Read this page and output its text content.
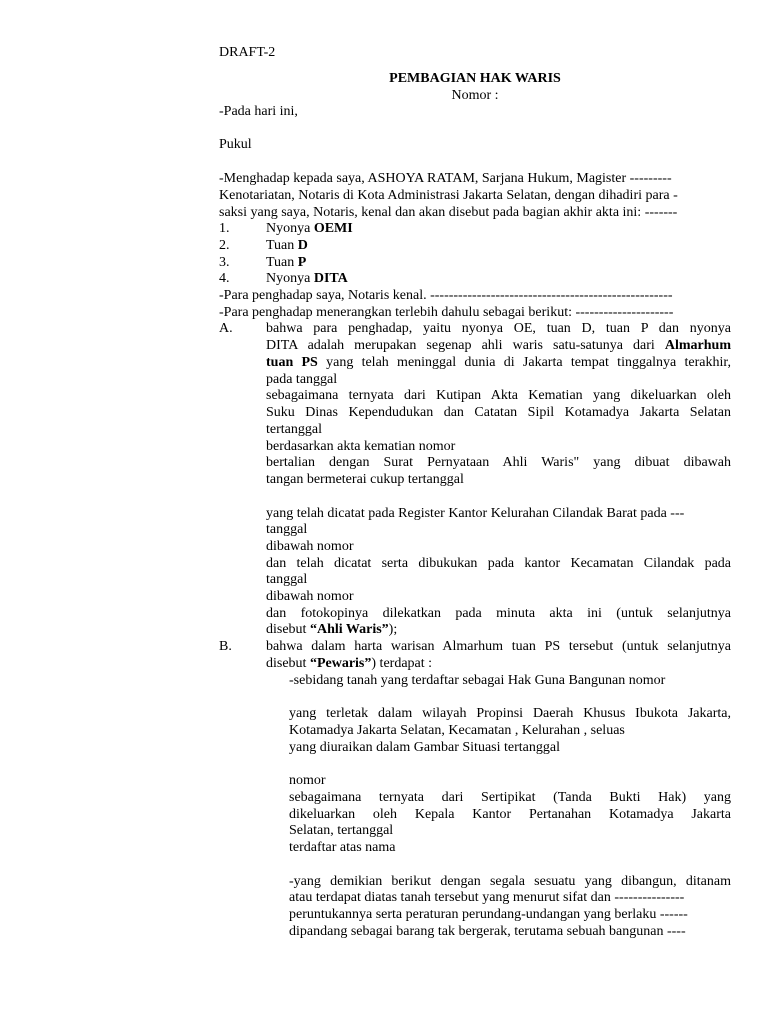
DRAFT-2
PEMBAGIAN HAK WARIS
Nomor :
-Pada hari ini,
Pukul
-Menghadap kepada saya, ASHOYA RATAM, Sarjana Hukum, Magister ---------
Kenotariatan, Notaris di Kota Administrasi Jakarta Selatan, dengan dihadiri para -
saksi yang saya, Notaris, kenal dan akan disebut pada bagian akhir akta ini: -------
1.	Nyonya OEMI
2.	Tuan D
3.	Tuan P
4.	Nyonya DITA
-Para penghadap saya, Notaris kenal. ----------------------------------------------------
-Para penghadap menerangkan terlebih dahulu sebagai berikut: ---------------------
A. bahwa para penghadap, yaitu nyonya OE, tuan D, tuan P dan nyonya
DITA adalah merupakan segenap ahli waris satu-satunya dari Almarhum
tuan PS yang telah meninggal dunia di Jakarta tempat tinggalnya terakhir,
pada tanggal
sebagaimana ternyata dari Kutipan Akta Kematian yang dikeluarkan oleh
Suku Dinas Kependudukan dan Catatan Sipil Kotamadya Jakarta Selatan
tertanggal
berdasarkan akta kematian nomor
bertalian dengan Surat Pernyataan Ahli Waris" yang dibuat dibawah
tangan bermeterai cukup tertanggal
yang telah dicatat pada Register Kantor Kelurahan Cilandak Barat pada ---
tanggal
dibawah nomor
dan telah dicatat serta dibukukan pada kantor Kecamatan Cilandak pada
tanggal
dibawah nomor
dan fotokopinya dilekatkan pada minuta akta ini (untuk selanjutnya
disebut “Ahli Waris”);
B. bahwa dalam harta warisan Almarhum tuan PS tersebut (untuk selanjutnya
disebut “Pewaris”) terdapat :
-sebidang tanah yang terdaftar sebagai Hak Guna Bangunan nomor
yang terletak dalam wilayah Propinsi Daerah Khusus Ibukota Jakarta,
Kotamadya Jakarta Selatan, Kecamatan , Kelurahan , seluas
yang diuraikan dalam Gambar Situasi tertanggal
nomor
sebagaimana ternyata dari Sertipikat (Tanda Bukti Hak) yang
dikeluarkan oleh Kepala Kantor Pertanahan Kotamadya Jakarta
Selatan, tertanggal
terdaftar atas nama
-yang demikian berikut dengan segala sesuatu yang dibangun, ditanam
atau terdapat diatas tanah tersebut yang menurut sifat dan ---------------
peruntukannya serta peraturan perundang-undangan yang berlaku ------
dipandang sebagai barang tak bergerak, terutama sebuah bangunan ----
